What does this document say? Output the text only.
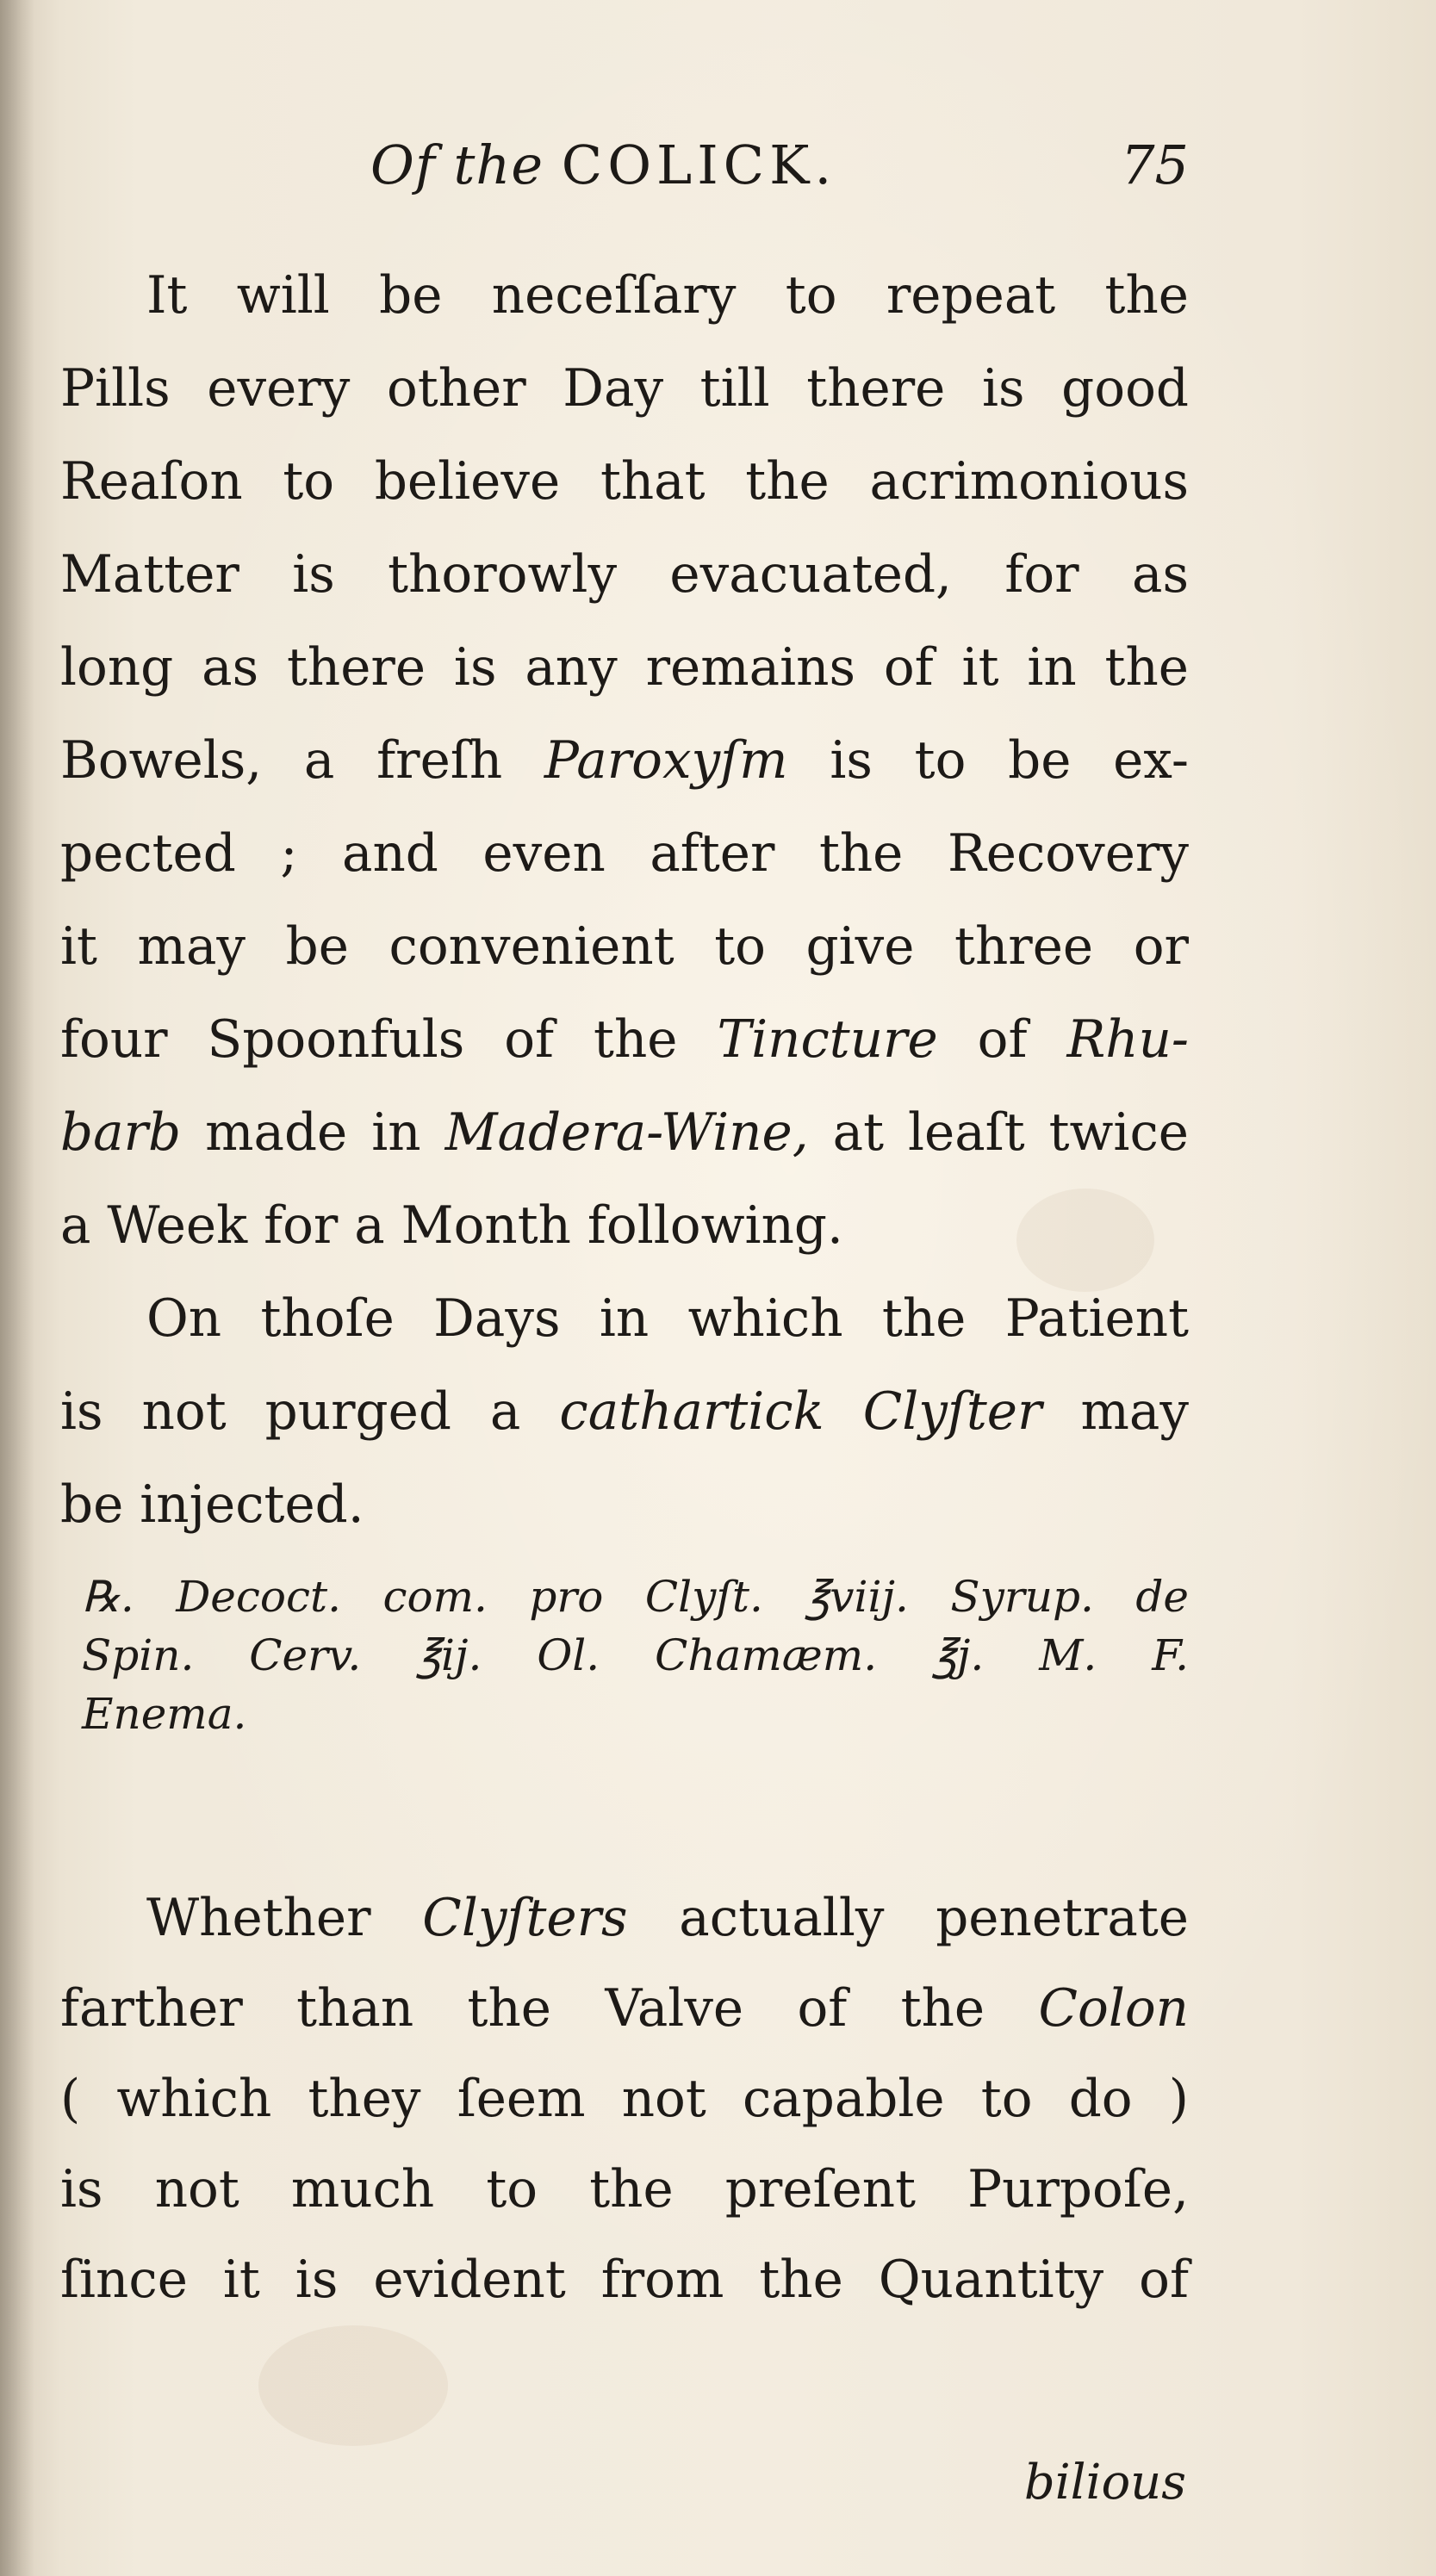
Of the COLICK.	75
It will be neceſſary to repeat the
Pills every other Day till there is good
Reaſon to believe that the acrimonious
Matter is thorowly evacuated, for as
long as there is any remains of it in the
Bowels, a freſh Paroxyſm is to be ex-
pected ; and even after the Recovery
it may be convenient to give three or
four Spoonfuls of the Tincture of Rhu-
barb made in Madera-Wine, at leaſt twice
a Week for a Month following.
On thoſe Days in which the Patient
is not purged a cathartick Clyſter may
be injected.
℞. Decoct. com. pro Clyſt. ℥viij. Syrup. de
Spin. Cerv. ℥ij. Ol. Chamæm. ℥j. M. F.
Enema.
Whether Clyſters actually penetrate
farther than the Valve of the Colon
( which they ſeem not capable to do )
is not much to the preſent Purpoſe,
ſince it is evident from the Quantity of
bilious
